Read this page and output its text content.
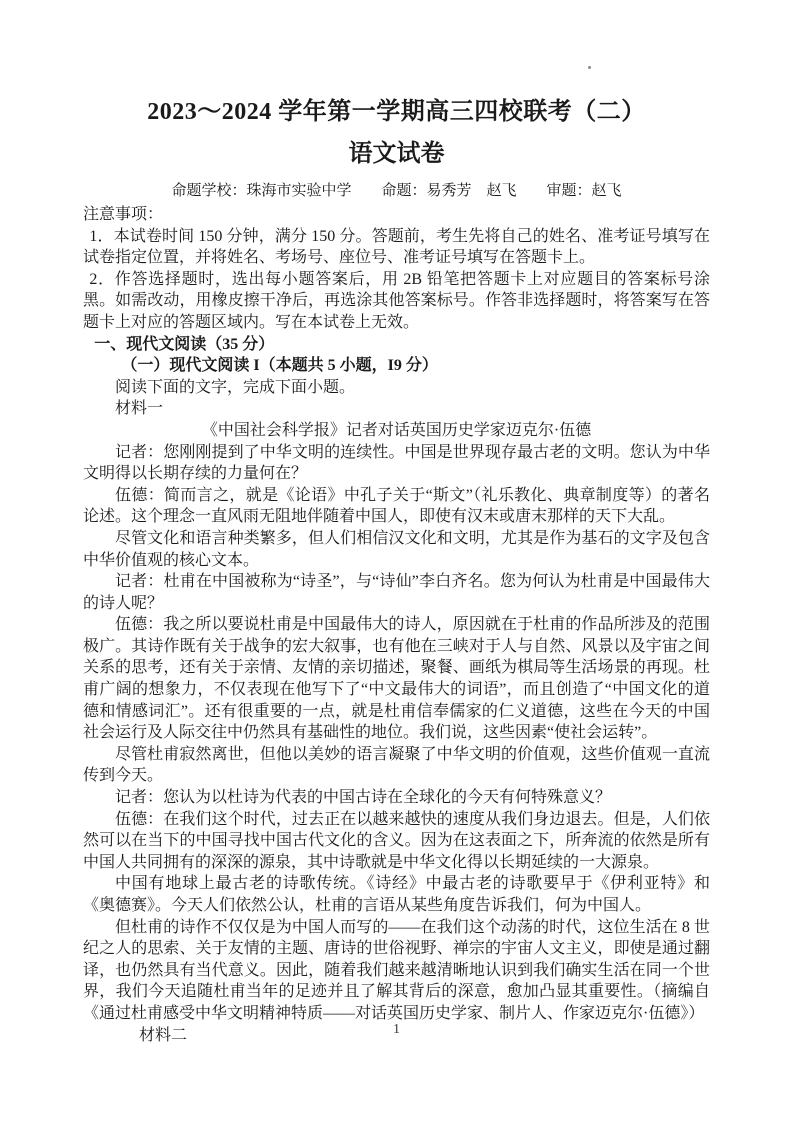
2023～2024 学年第一学期高三四校联考（二）
语文试卷
命题学校：珠海市实验中学　　命题：易秀芳　赵飞　　审题：赵飞

注意事项：

1．本试卷时间 150 分钟，满分 150 分。答题前，考生先将自己的姓名、准考证号填写在试卷指定位置，并将姓名、考场号、座位号、准考证号填写在答题卡上。

2．作答选择题时，选出每小题答案后，用 2B 铅笔把答题卡上对应题目的答案标号涂黑。如需改动，用橡皮擦干净后，再选涂其他答案标号。作答非选择题时，将答案写在答题卡上对应的答题区域内。写在本试卷上无效。

一、现代文阅读（35 分）

（一）现代文阅读 I（本题共 5 小题，I9 分）

阅读下面的文字，完成下面小题。

材料一

《中国社会科学报》记者对话英国历史学家迈克尔·伍德

记者：您刚刚提到了中华文明的连续性。中国是世界现存最古老的文明。您认为中华文明得以长期存续的力量何在？

伍德：简而言之，就是《论语》中孔子关于“斯文”（礼乐教化、典章制度等）的著名论述。这个理念一直风雨无阻地伴随着中国人，即使有汉末或唐末那样的天下大乱。

尽管文化和语言种类繁多，但人们相信汉文化和文明，尤其是作为基石的文字及包含中华价值观的核心文本。

记者：杜甫在中国被称为“诗圣”，与“诗仙”李白齐名。您为何认为杜甫是中国最伟大的诗人呢？

伍德：我之所以要说杜甫是中国最伟大的诗人，原因就在于杜甫的作品所涉及的范围极广。其诗作既有关于战争的宏大叙事，也有他在三峡对于人与自然、风景以及宇宙之间关系的思考，还有关于亲情、友情的亲切描述，聚餐、画纸为棋局等生活场景的再现。杜甫广阔的想象力，不仅表现在他写下了“中文最伟大的词语”，而且创造了“中国文化的道德和情感词汇”。还有很重要的一点，就是杜甫信奉儒家的仁义道德，这些在今天的中国社会运行及人际交往中仍然具有基础性的地位。我们说，这些因素“使社会运转”。

尽管杜甫寂然离世，但他以美妙的语言凝聚了中华文明的价值观，这些价值观一直流传到今天。

记者：您认为以杜诗为代表的中国古诗在全球化的今天有何特殊意义？

伍德：在我们这个时代，过去正在以越来越快的速度从我们身边退去。但是，人们依然可以在当下的中国寻找中国古代文化的含义。因为在这表面之下，所奔流的依然是所有中国人共同拥有的深深的源泉，其中诗歌就是中华文化得以长期延续的一大源泉。

中国有地球上最古老的诗歌传统。《诗经》中最古老的诗歌要早于《伊利亚特》和《奥德赛》。今天人们依然公认，杜甫的言语从某些角度告诉我们，何为中国人。

但杜甫的诗作不仅仅是为中国人而写的——在我们这个动荡的时代，这位生活在 8 世纪之人的思索、关于友情的主题、唐诗的世俗视野、禅宗的宇宙人文主义，即使是通过翻译，也仍然具有当代意义。因此，随着我们越来越清晰地认识到我们确实生活在同一个世界，我们今天追随杜甫当年的足迹并且了解其背后的深意，愈加凸显其重要性。（摘编自《通过杜甫感受中华文明精神特质——对话英国历史学家、制片人、作家迈克尔·伍德》）

材料二	1
